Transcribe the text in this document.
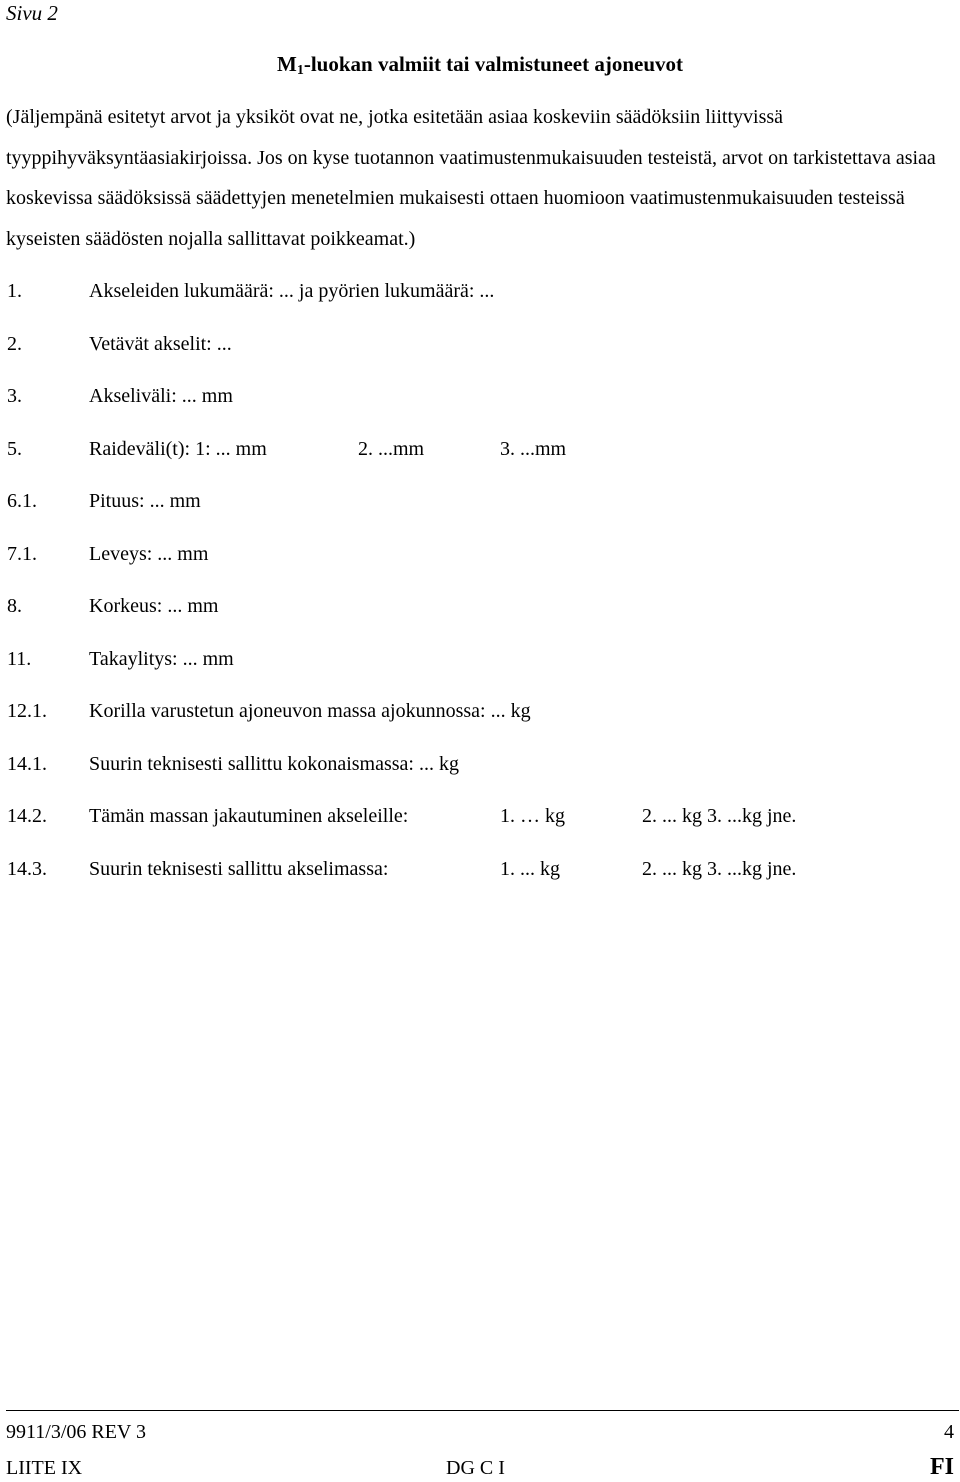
Sivu 2
$M_1$-luokan valmiit tai valmistuneet ajoneuvot
(Jäljempänä esitetyt arvot ja yksiköt ovat ne, jotka esitetään asiaa koskeviin säädöksiin liittyvissä tyyppihyväksyntäasiakirjoissa. Jos on kyse tuotannon vaatimustenmukaisuuden testeistä, arvot on tarkistettava asiaa koskevissa säädöksissä säädettyjen menetelmien mukaisesti ottaen huomioon vaatimustenmukaisuuden testeissä kyseisten säädösten nojalla sallittavat poikkeamat.)
1.	Akseleiden lukumäärä: ... ja pyörien lukumäärä: ...
2.	Vetävät akselit: ...
3.	Akseliväli: ... mm
5.	Raideväli(t): 1: ... mm	2. ...mm	3. ...mm
6.1.	Pituus: ... mm
7.1.	Leveys: ... mm
8.	Korkeus: ... mm
11.	Takaylitys: ... mm
12.1. Korilla varustetun ajoneuvon massa ajokunnossa: ... kg
14.1. Suurin teknisesti sallittu kokonaismassa: ... kg
14.2. Tämän massan jakautuminen akseleille:	1. … kg	2. ... kg 3. ...kg jne.
14.3. Suurin teknisesti sallittu akselimassa:	1. ... kg	2. ... kg 3. ...kg jne.
9911/3/06 REV 3	4
LIITE IX	DG C I	FI
